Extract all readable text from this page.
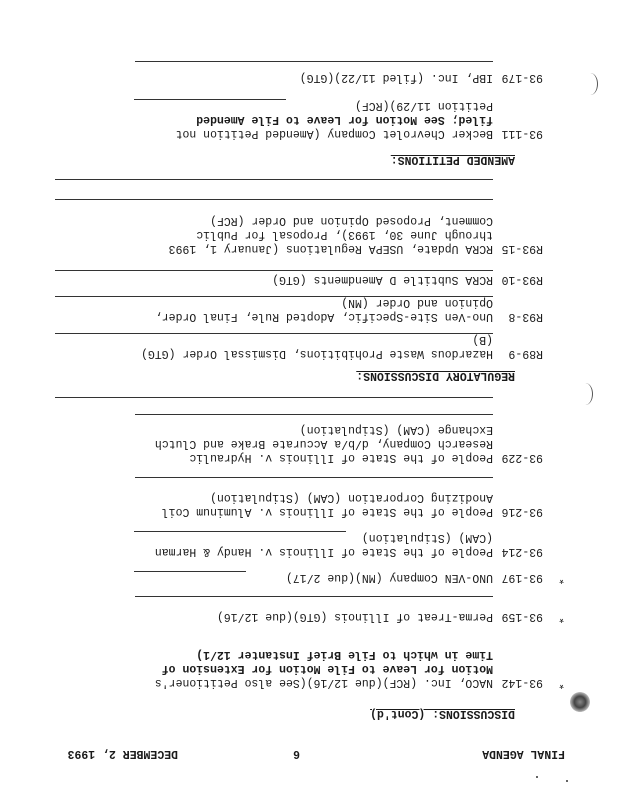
FINAL AGENDA
6
DECEMBER 2, 1993
DISCUSSIONS: (Cont'd)
*
93-142
NACO, Inc. (RCF)(due 12/16)(See also Petitioner's
Motion for Leave to File Motion for Extension of
Time in which to File Brief Instanter 12/1)
*
93-159
Perma-Treat of Illinois (GTG)(due 12/16)
*
93-197
UNO-VEN Company (MN)(due 2/17)
93-214
People of the State of Illinois v. Handy & Harman
(CAM) (Stipulation)
93-216
People of the State of Illinois v. Aluminum Coil
Anodizing Corporation (CAM) (Stipulation)
93-229
People of the State of Illinois v. Hydraulic
Research Company, d/b/a Accurate Brake and Clutch
Exchange (CAM) (Stipulation)
REGULATORY DISCUSSIONS:
R89-9
Hazardous Waste Prohibitions, Dismissal Order (GTG)
(B)
R93-8
Uno-Ven Site-Specific, Adopted Rule, Final Order,
Opinion and Order (MN)
R93-10
RCRA Subtitle D Amendments (GTG)
R93-15
RCRA Update, USEPA Regulations (January 1, 1993
through June 30, 1993), Proposal for Public
Comment, Proposed Opinion and Order (RCF)
AMENDED PETITIONS:
93-111
Becker Chevrolet Company (Amended Petition not
filed; See Motion for Leave to File Amended
Petition 11/29)(RCF)
93-179
IBP, Inc. (filed 11/22)(GTG)
